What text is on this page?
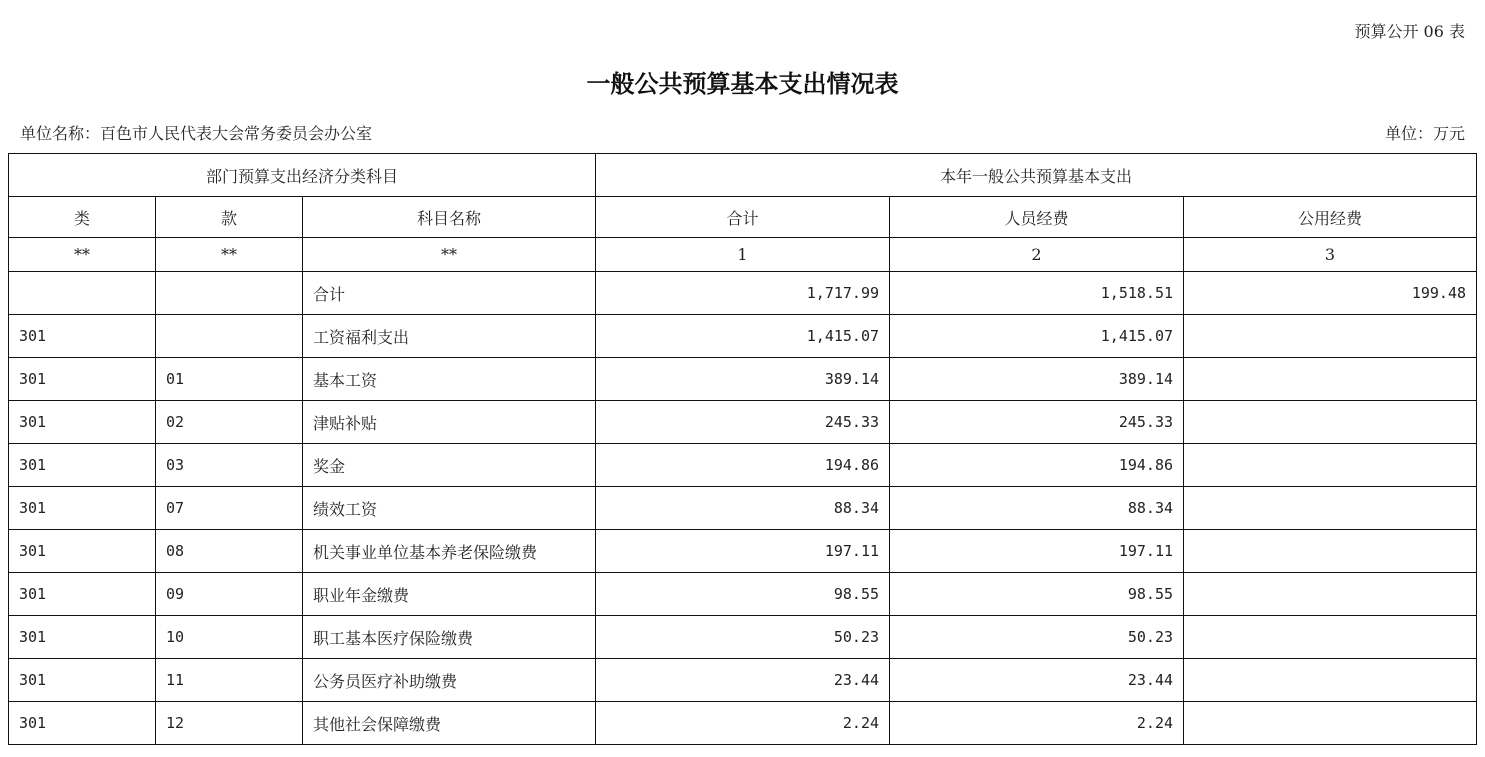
预算公开 06 表
一般公共预算基本支出情况表
单位名称：百色市人民代表大会常务委员会办公室	单位：万元
部门预算支出经济分类科目			本年一般公共预算基本支出		
类	款	科目名称	合计	人员经费	公用经费
**	**	**	1	2	3
		合计	1,717.99	1,518.51	199.48
301		工资福利支出	1,415.07	1,415.07	
301	01	基本工资	389.14	389.14	
301	02	津贴补贴	245.33	245.33	
301	03	奖金	194.86	194.86	
301	07	绩效工资	88.34	88.34	
301	08	机关事业单位基本养老保险缴费	197.11	197.11	
301	09	职业年金缴费	98.55	98.55	
301	10	职工基本医疗保险缴费	50.23	50.23	
301	11	公务员医疗补助缴费	23.44	23.44	
301	12	其他社会保障缴费	2.24	2.24	
